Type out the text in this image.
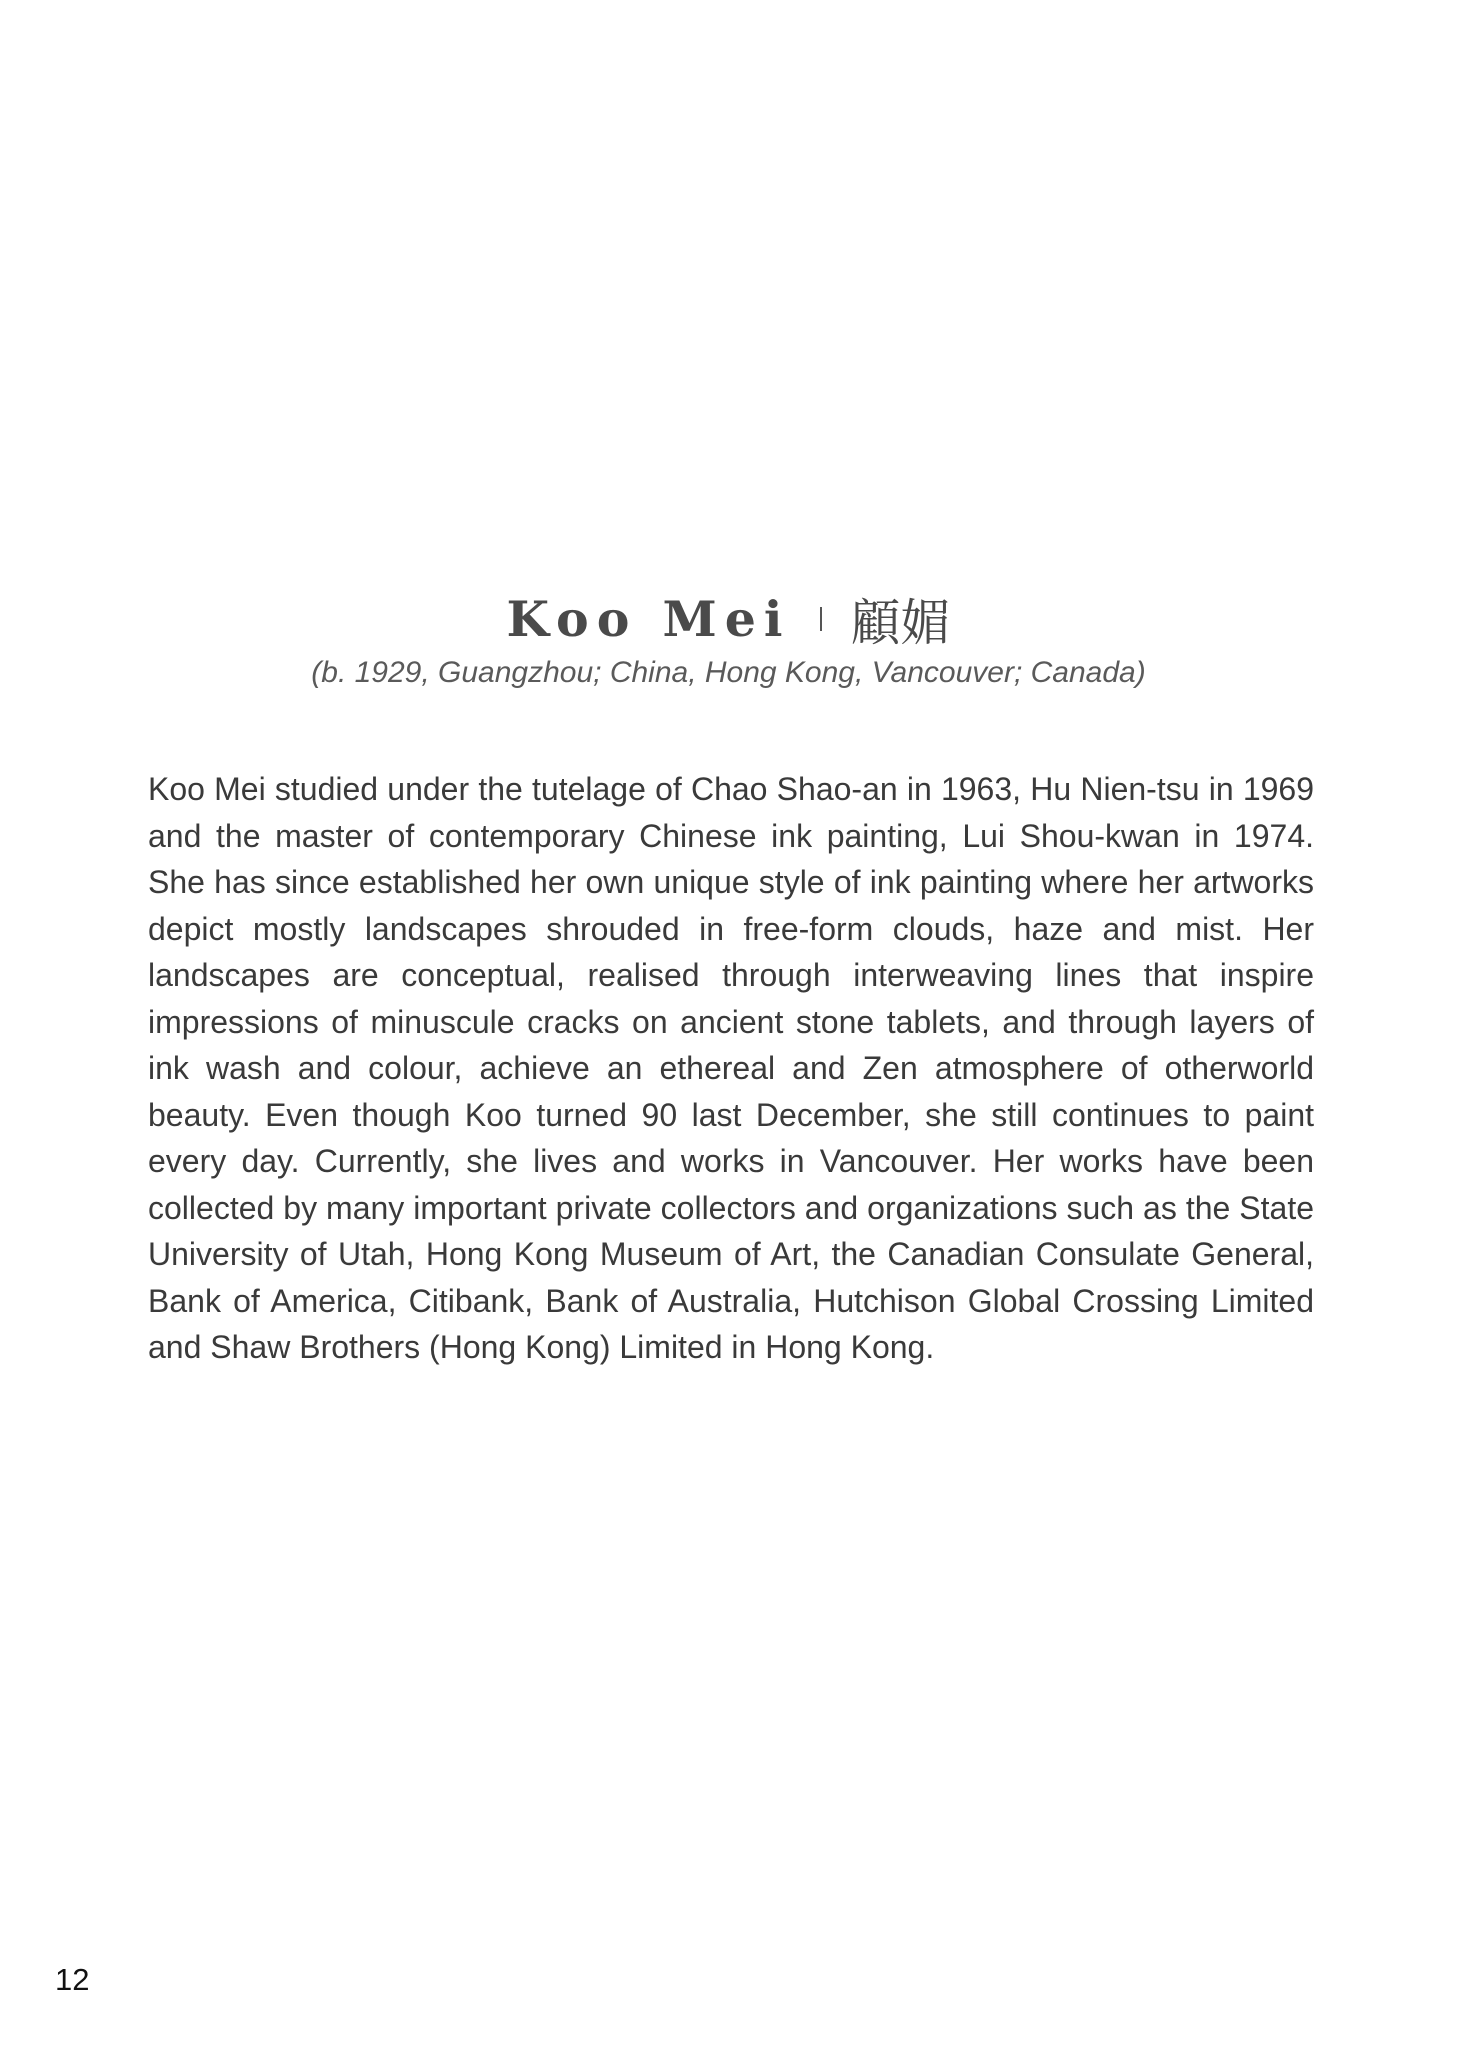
Koo Mei 顧媚
(b. 1929, Guangzhou; China, Hong Kong, Vancouver; Canada)

Koo Mei studied under the tutelage of Chao Shao-an in 1963, Hu Nien-tsu in 1969 and the master of contemporary Chinese ink painting, Lui Shou-kwan in 1974. She has since established her own unique style of ink painting where her artworks depict mostly landscapes shrouded in free-form clouds, haze and mist. Her landscapes are conceptual, realised through interweaving lines that inspire impressions of minuscule cracks on ancient stone tablets, and through layers of ink wash and colour, achieve an ethereal and Zen atmosphere of otherworld beauty. Even though Koo turned 90 last December, she still continues to paint every day. Currently, she lives and works in Vancouver. Her works have been collected by many important private collectors and organizations such as the State University of Utah, Hong Kong Museum of Art, the Canadian Consulate General, Bank of America, Citibank, Bank of Australia, Hutchison Global Crossing Limited and Shaw Brothers (Hong Kong) Limited in Hong Kong.

12
